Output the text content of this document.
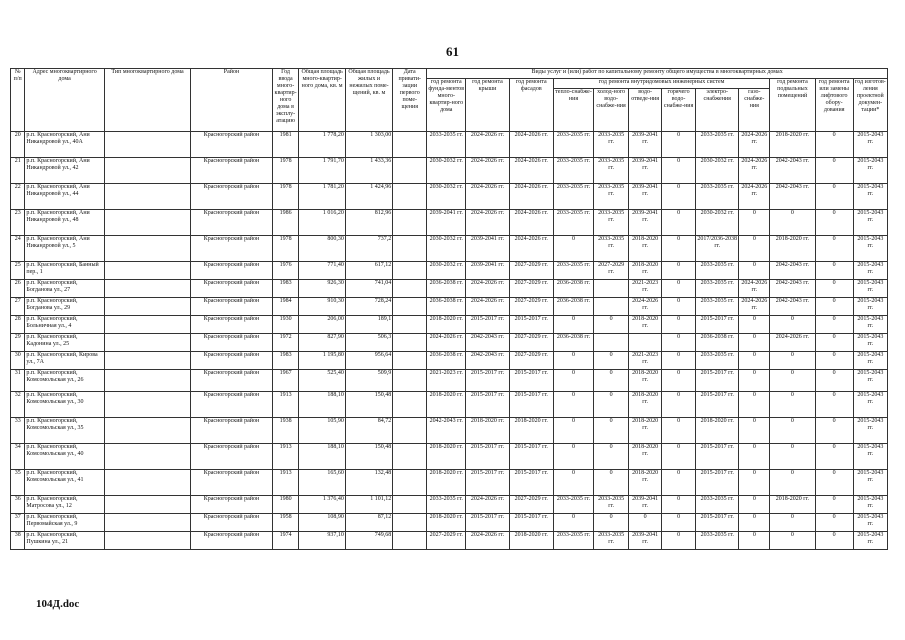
61
№ п/п	Адрес многоквартирного дома	Тип многоквартирного дома	Район	Год ввода много-квартир-ного дома в эксплу-атацию	Общая площадь много-квартир-ного дома, кв. м	Общая площадь жилых и нежилых поме-щений, кв. м	Дата привати-зации первого поме-щения	Виды услуг и (или) работ по капитальному ремонту общего имущества в многоквартирных домах											
								год ремонта фунда-ментов много-квартир-ного дома	год ремонта крыши	год ремонта фасадов	год ремонта внутридомовых инженерных систем						год ремонта подвальных помещений	год ремонта или замены лифтового обору-дования	год изготов-ления проектной докумен-тации*
											тепло-снабже-ния	холод-ного водо-снабже-ния	водо-отведе-ния	горячего водо-снабже-ния	электро-снабжения	газо-снабже-ния			
20	р.п. Красногорский, Ани Никандровой ул., 40А		Красногорский район	1981	1 778,20	1 303,00		2033-2035 гг.	2024-2026 гг.	2024-2026 гг.	2033-2035 гг.	2033-2035 гг.	2039-2041 гг.	0	2033-2035 гг.	2024-2026 гг.	2018-2020 гг.	0	2015-2043 гг.
21	р.п. Красногорский, Ани Никандровой ул., 42		Красногорский район	1978	1 791,70	1 433,36		2030-2032 гг.	2024-2026 гг.	2024-2026 гг.	2033-2035 гг.	2033-2035 гг.	2039-2041 гг.	0	2030-2032 гг.	2024-2026 гг.	2042-2043 гг.	0	2015-2043 гг.
22	р.п. Красногорский, Ани Никандровой ул., 44		Красногорский район	1978	1 781,20	1 424,96		2030-2032 гг.	2024-2026 гг.	2024-2026 гг.	2033-2035 гг.	2033-2035 гг.	2039-2041 гг.	0	2033-2035 гг.	2024-2026 гг.	2042-2043 гг.	0	2015-2043 гг.
23	р.п. Красногорский, Ани Никандровой ул., 48		Красногорский район	1986	1 016,20	812,96		2039-2041 гг.	2024-2026 гг.	2024-2026 гг.	2033-2035 гг.	2033-2035 гг.	2039-2041 гг.	0	2030-2032 гг.	0	0	0	2015-2043 гг.
24	р.п. Красногорский, Ани Никандровой ул., 5		Красногорский район	1978	800,30	737,2		2030-2032 гг.	2039-2041 гг.	2024-2026 гг.	0	2033-2035 гг.	2018-2020 гг.	0	2017/2036-2038 гг.	0	2018-2020 гг.	0	2015-2043 гг.
25	р.п. Красногорский, Банный пер., 1		Красногорский район	1976	771,40	617,12		2030-2032 гг.	2039-2041 гг.	2027-2029 гг.	2033-2035 гг.	2027-2029 гг.	2018-2020 гг.	0	2033-2035 гг.	0	2042-2043 гг.	0	2015-2043 гг.
26	р.п. Красногорский, Богданова ул., 27		Красногорский район	1983	926,30	741,04		2036-2038 гг.	2024-2026 гг.	2027-2029 гг.	2036-2038 гг.		2021-2023 гг.	0	2033-2035 гг.	2024-2026 гг.	2042-2043 гг.	0	2015-2043 гг.
27	р.п. Красногорский, Богданова ул., 29		Красногорский район	1984	910,30	728,24		2036-2038 гг.	2024-2026 гг.	2027-2029 гг.	2036-2038 гг.		2024-2026 гг.	0	2033-2035 гг.	2024-2026 гг.	2042-2043 гг.	0	2015-2043 гг.
28	р.п. Красногорский, Больничная ул., 4		Красногорский район	1930	206,00	189,1		2018-2020 гг.	2015-2017 гг.	2015-2017 гг.	0	0	2018-2020 гг.	0	2015-2017 гг.	0	0	0	2015-2043 гг.
29	р.п. Красногорский, Кадонина ул., 25		Красногорский район	1972	827,90	506,3		2024-2026 гг.	2042-2043 гг.	2027-2029 гг.	2036-2038 гг.			0	2036-2038 гг.	0	2024-2026 гг.	0	2015-2043 гг.
30	р.п. Красногорский, Кирова ул., 7А		Красногорский район	1983	1 195,80	956,64		2036-2038 гг.	2042-2043 гг.	2027-2029 гг.	0	0	2021-2023 гг.	0	2033-2035 гг.	0	0	0	2015-2043 гг.
31	р.п. Красногорский, Комсомольская ул., 26		Красногорский район	1967	525,40	509,9		2021-2023 гг.	2015-2017 гг.	2015-2017 гг.	0	0	2018-2020 гг.	0	2015-2017 гг.	0	0	0	2015-2043 гг.
32	р.п. Красногорский, Комсомольская ул., 30		Красногорский район	1913	188,10	150,48		2018-2020 гг.	2015-2017 гг.	2015-2017 гг.	0	0	2018-2020 гг.	0	2015-2017 гг.	0	0	0	2015-2043 гг.
33	р.п. Красногорский, Комсомольская ул., 35		Красногорский район	1938	105,90	84,72		2042-2043 гг.	2018-2020 гг.	2018-2020 гг.	0	0	2018-2020 гг.	0	2018-2020 гг.	0	0	0	2015-2043 гг.
34	р.п. Красногорский, Комсомольская ул., 40		Красногорский район	1913	188,10	150,48		2018-2020 гг.	2015-2017 гг.	2015-2017 гг.	0	0	2018-2020 гг.	0	2015-2017 гг.	0	0	0	2015-2043 гг.
35	р.п. Красногорский, Комсомольская ул., 41		Красногорский район	1913	165,60	132,48		2018-2020 гг.	2015-2017 гг.	2015-2017 гг.	0	0	2018-2020 гг.	0	2015-2017 гг.	0	0	0	2015-2043 гг.
36	р.п. Красногорский, Матросова ул., 12		Красногорский район	1980	1 376,40	1 101,12		2033-2035 гг.	2024-2026 гг.	2027-2029 гг.	2033-2035 гг.	2033-2035 гг.	2039-2041 гг.	0	2033-2035 гг.	0	2018-2020 гг.	0	2015-2043 гг.
37	р.п. Красногорский, Первомайская ул., 9		Красногорский район	1958	108,90	87,12		2018-2020 гг.	2015-2017 гг.	2015-2017 гг.	0	0	0	0	2015-2017 гг.	0	0	0	2015-2043 гг.
38	р.п. Красногорский, Пушкина ул., 21		Красногорский район	1974	937,10	749,68		2027-2029 гг.	2024-2026 гг.	2018-2020 гг.	2033-2035 гг.	2033-2035 гг.	2039-2041 гг.	0	2033-2035 гг.	0	0	0	2015-2043 гг.
104Д.doc
